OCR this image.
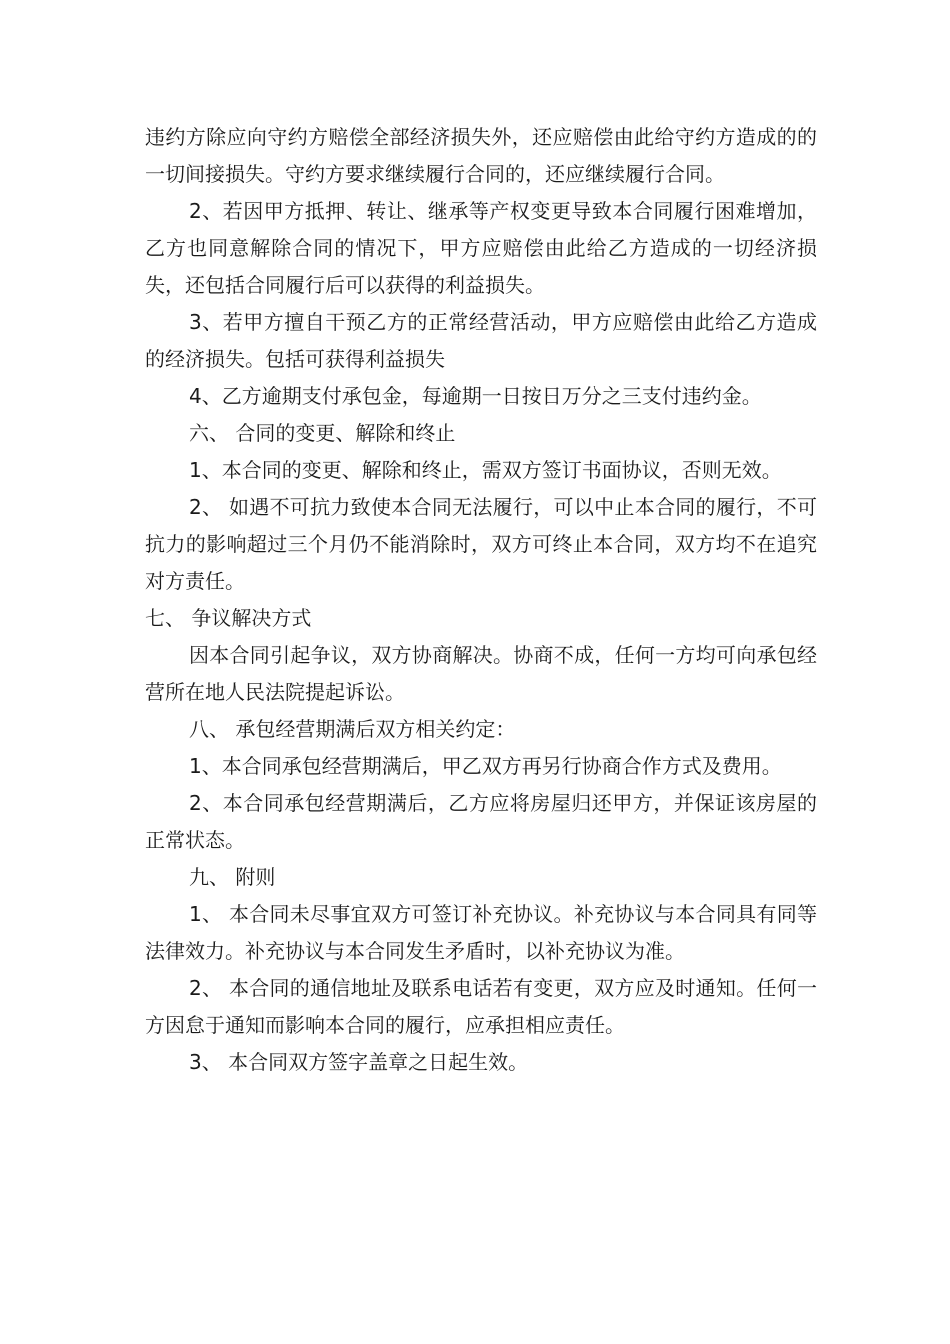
违约方除应向守约方赔偿全部经济损失外，还应赔偿由此给守约方造成的的一切间接损失。守约方要求继续履行合同的，还应继续履行合同。

2、若因甲方抵押、转让、继承等产权变更导致本合同履行困难增加，乙方也同意解除合同的情况下，甲方应赔偿由此给乙方造成的一切经济损失，还包括合同履行后可以获得的利益损失。

3、若甲方擅自干预乙方的正常经营活动，甲方应赔偿由此给乙方造成的经济损失。包括可获得利益损失

4、乙方逾期支付承包金，每逾期一日按日万分之三支付违约金。

六、 合同的变更、解除和终止

1、本合同的变更、解除和终止，需双方签订书面协议，否则无效。

2、 如遇不可抗力致使本合同无法履行，可以中止本合同的履行，不可抗力的影响超过三个月仍不能消除时，双方可终止本合同，双方均不在追究对方责任。

七、 争议解决方式

因本合同引起争议，双方协商解决。协商不成，任何一方均可向承包经营所在地人民法院提起诉讼。

八、 承包经营期满后双方相关约定：

1、本合同承包经营期满后，甲乙双方再另行协商合作方式及费用。

2、本合同承包经营期满后，乙方应将房屋归还甲方，并保证该房屋的正常状态。

九、 附则

1、 本合同未尽事宜双方可签订补充协议。补充协议与本合同具有同等法律效力。补充协议与本合同发生矛盾时，以补充协议为准。

2、 本合同的通信地址及联系电话若有变更，双方应及时通知。任何一方因怠于通知而影响本合同的履行，应承担相应责任。

3、 本合同双方签字盖章之日起生效。
